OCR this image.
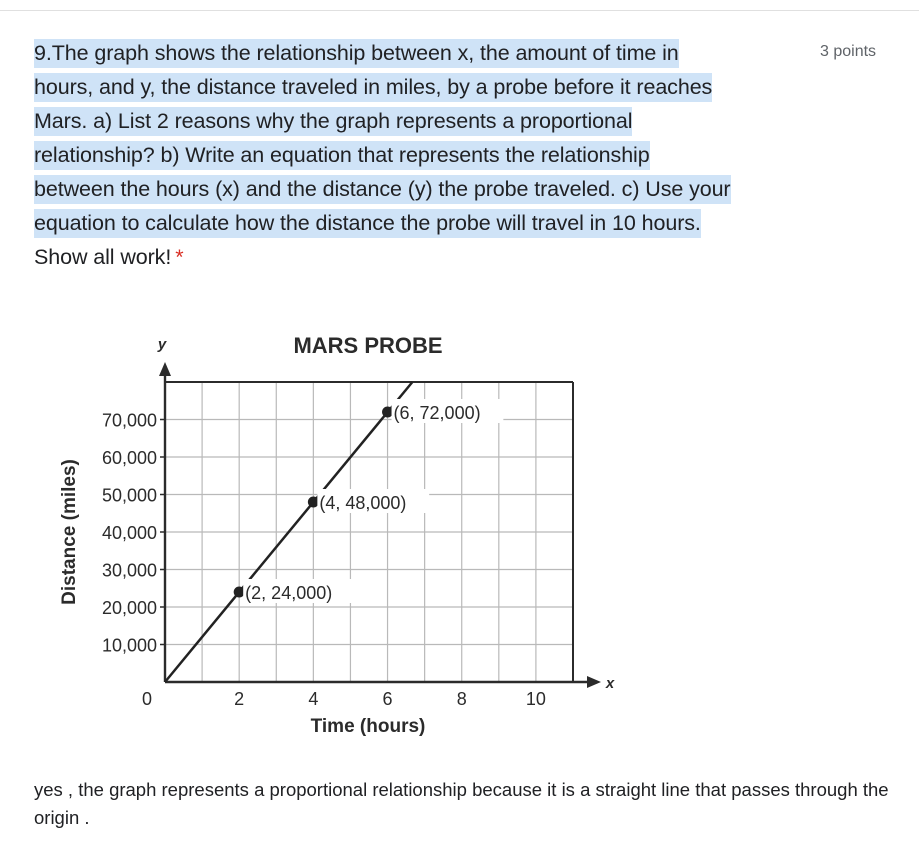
9.The graph shows the relationship between x, the amount of time in
hours, and y, the distance traveled in miles, by a probe before it reaches
Mars. a) List 2 reasons why the graph represents a proportional
relationship? b) Write an equation that represents the relationship
between the hours (x) and the distance (y) the probe traveled. c) Use your
equation to calculate how the distance the probe will travel in 10 hours.
Show all work! *
3 points
MARS PROBE
0	2	4	6	8	10
10,000
20,000
30,000
40,000
50,000
60,000
70,000
(2, 24,000)
(4, 48,000)
(6, 72,000)
Time (hours)
Distance (miles)
y
x
yes , the graph represents a proportional relationship because it is a straight line that passes through the origin .
